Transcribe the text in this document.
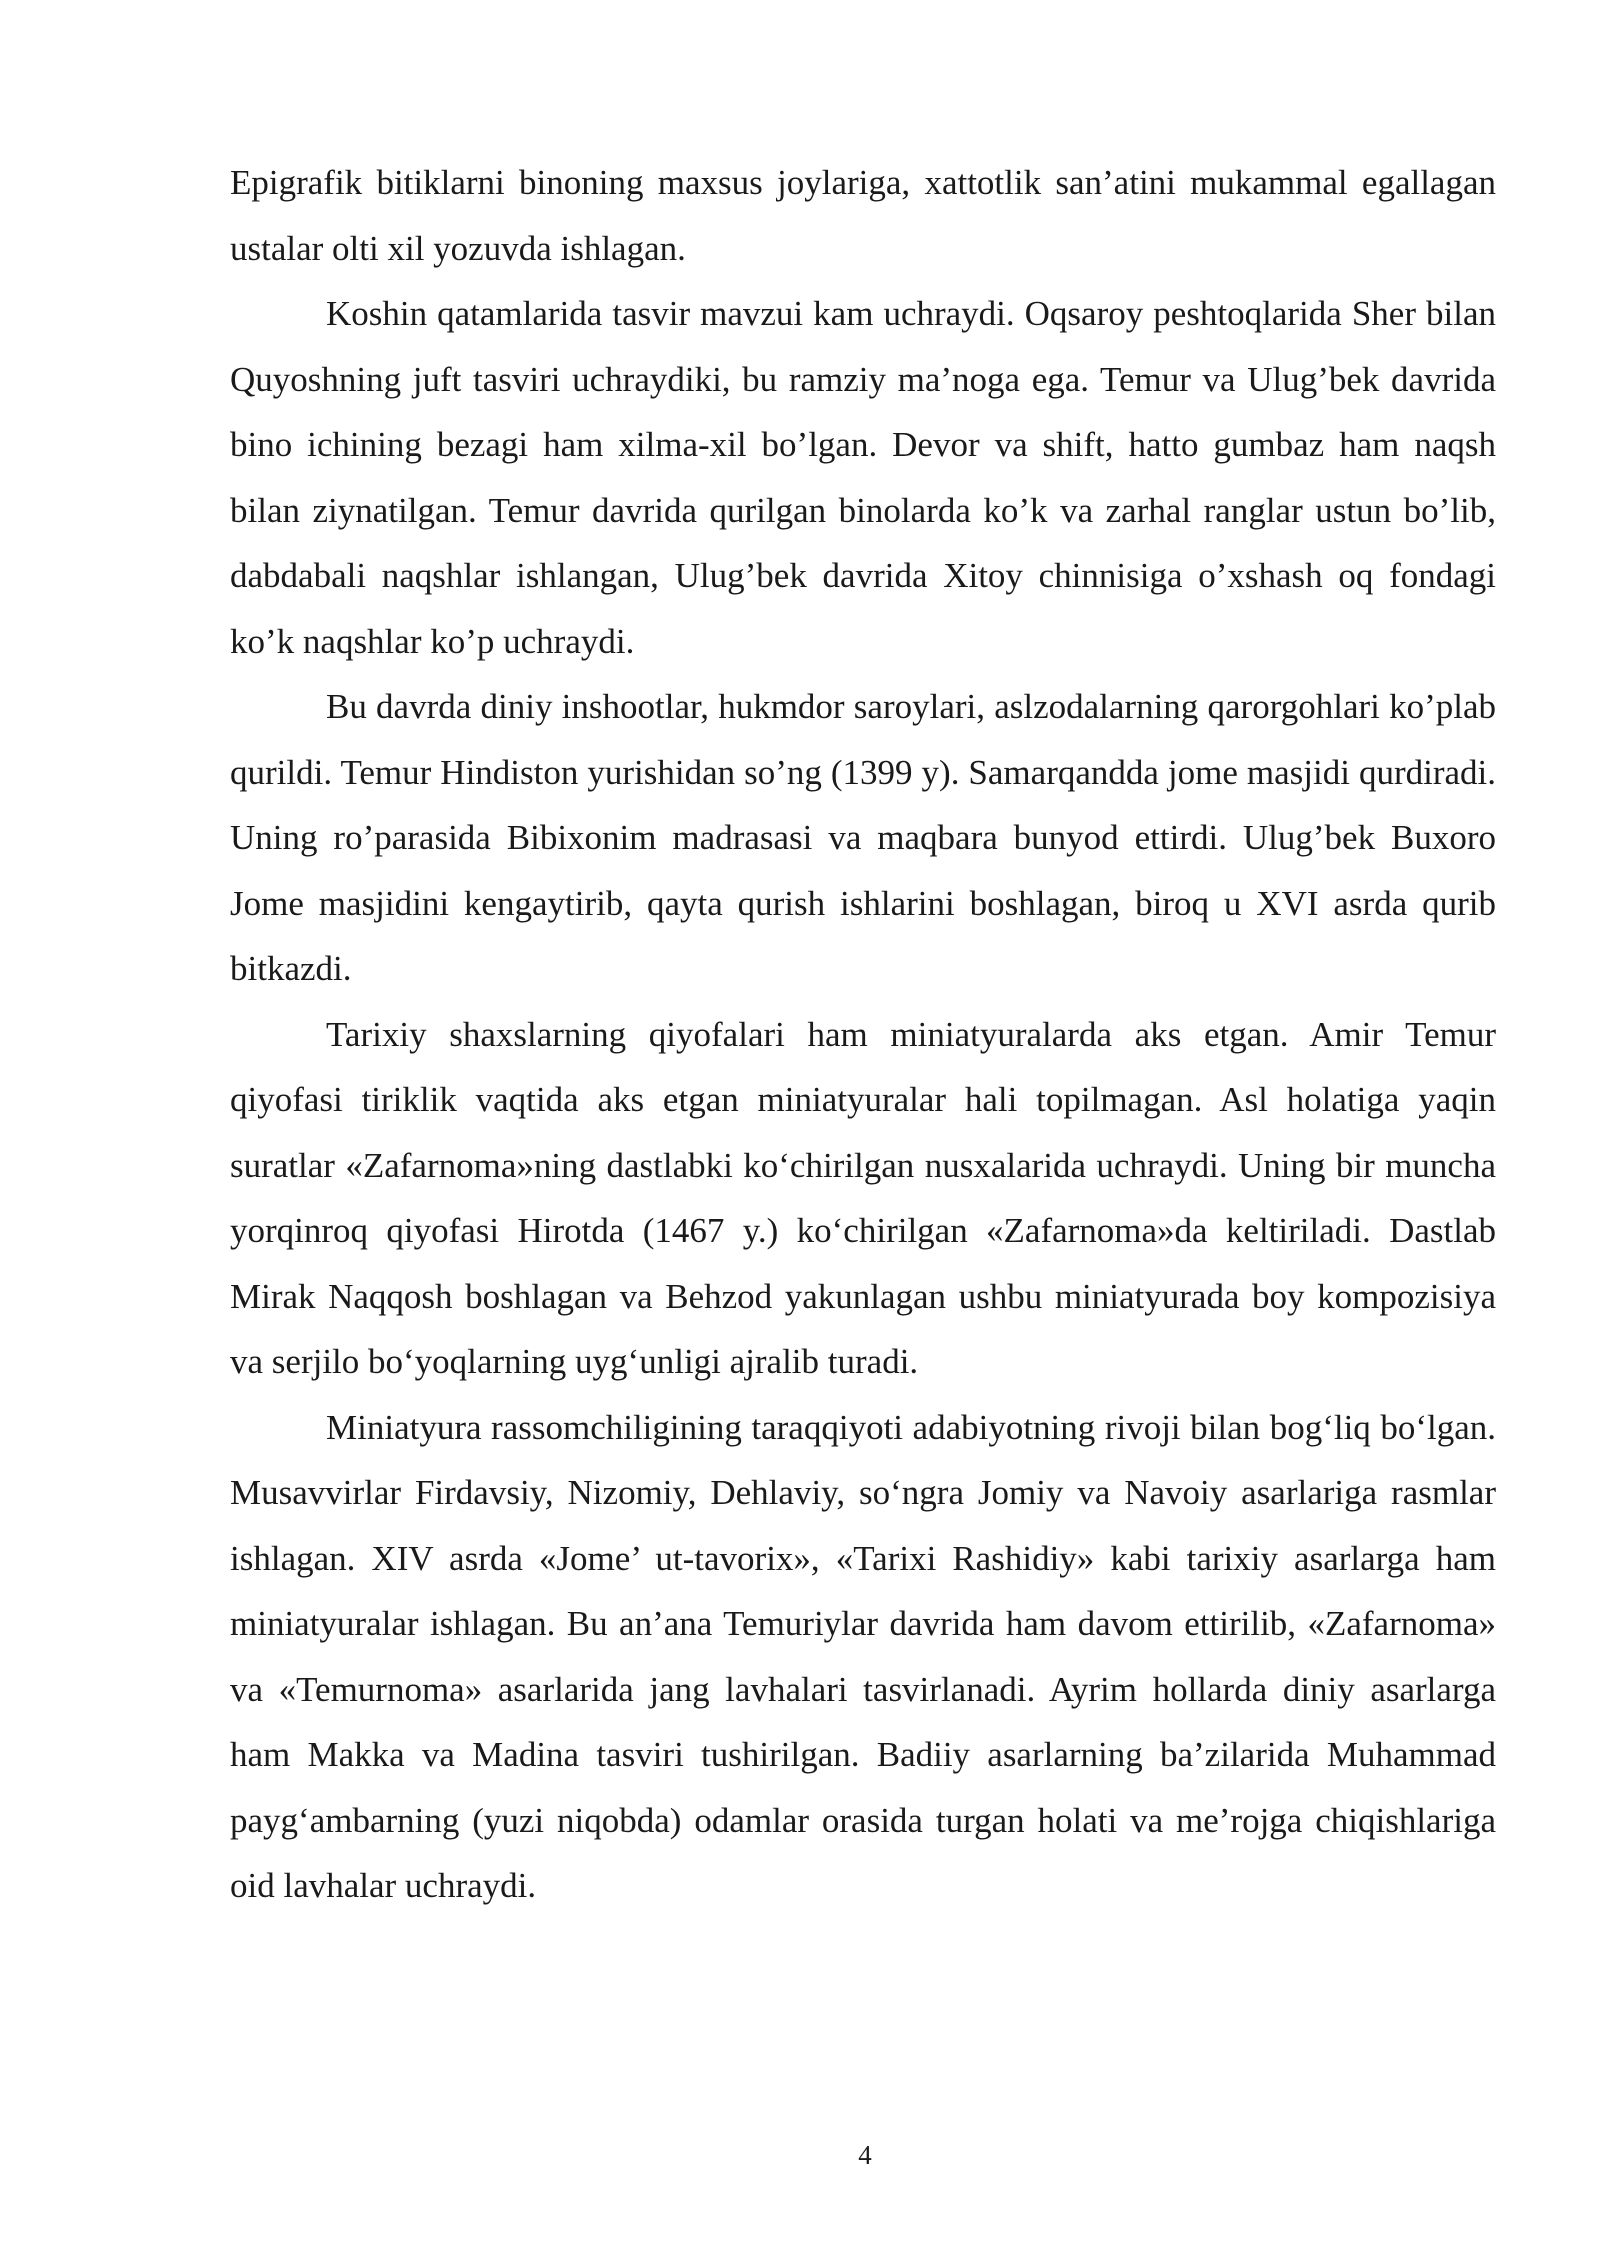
Epigrafik bitiklarni binoning maxsus joylariga, xattotlik san’atini mukammal egallagan ustalar olti xil yozuvda ishlagan.

Koshin qatamlarida tasvir mavzui kam uchraydi. Oqsaroy peshtoqlarida Sher bilan Quyoshning juft tasviri uchraydiki, bu ramziy ma’noga ega. Temur va Ulug’bek davrida bino ichining bezagi ham xilma-xil bo’lgan. Devor va shift, hatto gumbaz ham naqsh bilan ziynatilgan. Temur davrida qurilgan binolarda ko’k va zarhal ranglar ustun bo’lib, dabdabali naqshlar ishlangan, Ulug’bek davrida Xitoy chinnisiga o’xshash oq fondagi ko’k naqshlar ko’p uchraydi.

Bu davrda diniy inshootlar, hukmdor saroylari, aslzodalarning qarorgohlari ko’plab qurildi. Temur Hindiston yurishidan so’ng (1399 y). Samarqandda jome masjidi qurdiradi. Uning ro’parasida Bibixonim madrasasi va maqbara bunyod ettirdi. Ulug’bek Buxoro Jome masjidini kengaytirib, qayta qurish ishlarini boshlagan, biroq u XVI asrda qurib bitkazdi.

Tarixiy shaxslarning qiyofalari ham miniatyuralarda aks etgan. Amir Temur qiyofasi tiriklik vaqtida aks etgan miniatyuralar hali topilmagan. Asl holatiga yaqin suratlar «Zafarnoma»ning dastlabki ko‘chirilgan nusxalarida uchraydi. Uning bir muncha yorqinroq qiyofasi Hirotda (1467 y.) ko‘chirilgan «Zafarnoma»da keltiriladi. Dastlab Mirak Naqqosh boshlagan va Behzod yakunlagan ushbu miniatyurada boy kompozisiya va serjilo bo‘yoqlarning uyg‘unligi ajralib turadi.

Miniatyura rassomchiligining taraqqiyoti adabiyotning rivoji bilan bog‘liq bo‘lgan. Musavvirlar Firdavsiy, Nizomiy, Dehlaviy, so‘ngra Jomiy va Navoiy asarlariga rasmlar ishlagan. XIV asrda «Jome’ ut-tavorix», «Tarixi Rashidiy» kabi tarixiy asarlarga ham miniatyuralar ishlagan. Bu an’ana Temuriylar davrida ham davom ettirilib, «Zafarnoma» va «Temurnoma» asarlarida jang lavhalari tasvirlanadi. Ayrim hollarda diniy asarlarga ham Makka va Madina tasviri tushirilgan. Badiiy asarlarning ba’zilarida Muhammad payg‘ambarning (yuzi niqobda) odamlar orasida turgan holati va me’rojga chiqishlariga oid lavhalar uchraydi.

4
